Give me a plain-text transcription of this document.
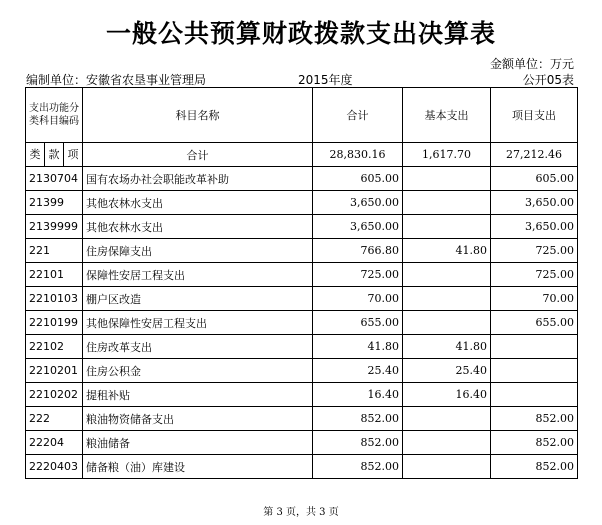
一般公共预算财政拨款支出决算表
金额单位：万元
编制单位：安徽省农垦事业管理局	2015年度	公开05表
支出功能分类科目编码	科目名称	合计	基本支出	项目支出

类 款 项	合计	28,830.16	1,617.70	27,212.46
2130704	国有农场办社会职能改革补助	605.00		605.00
21399	其他农林水支出	3,650.00		3,650.00
2139999	其他农林水支出	3,650.00		3,650.00
221	住房保障支出	766.80	41.80	725.00
22101	保障性安居工程支出	725.00		725.00
2210103	棚户区改造	70.00		70.00
2210199	其他保障性安居工程支出	655.00		655.00
22102	住房改革支出	41.80	41.80	
2210201	住房公积金	25.40	25.40	
2210202	提租补贴	16.40	16.40	
222	粮油物资储备支出	852.00		852.00
22204	粮油储备	852.00		852.00
2220403	储备粮（油）库建设	852.00		852.00
第 3 页，共 3 页
